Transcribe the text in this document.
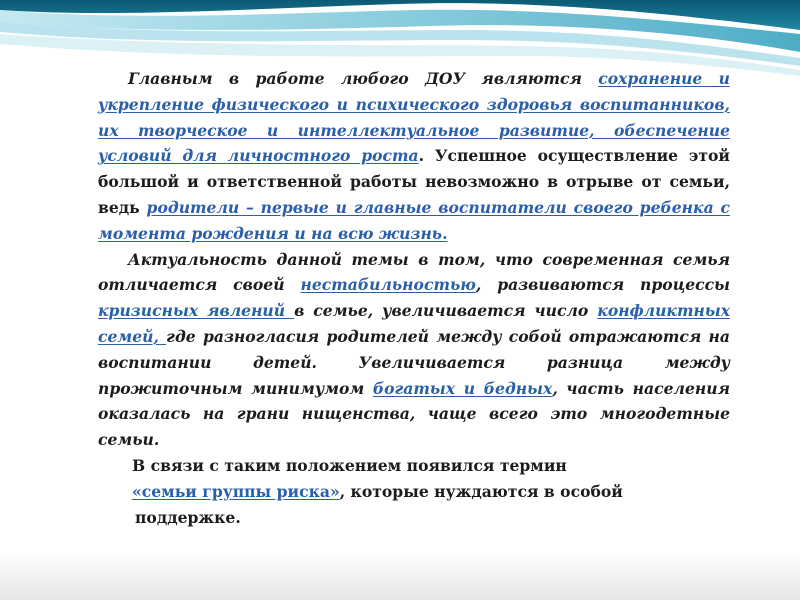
Главным в работе любого ДОУ являются сохранение и укрепление физического и психического здоровья воспитанников, их творческое и интеллектуальное развитие, обеспечение условий для личностного роста. Успешное осуществление этой большой и ответственной работы невозможно в отрыве от семьи, ведь родители – первые и главные воспитатели своего ребенка с момента рождения и на всю жизнь.

Актуальность данной темы в том, что современная семья отличается своей нестабильностью, развиваются процессы кризисных явлений в семье, увеличивается число конфликтных семей, где разногласия родителей между собой отражаются на воспитании детей. Увеличивается разница между прожиточным минимумом богатых и бедных, часть населения оказалась на грани нищенства, чаще всего это многодетные семьи.

В связи с таким положением появился термин

«семьи группы риска», которые нуждаются в особой

поддержке.
